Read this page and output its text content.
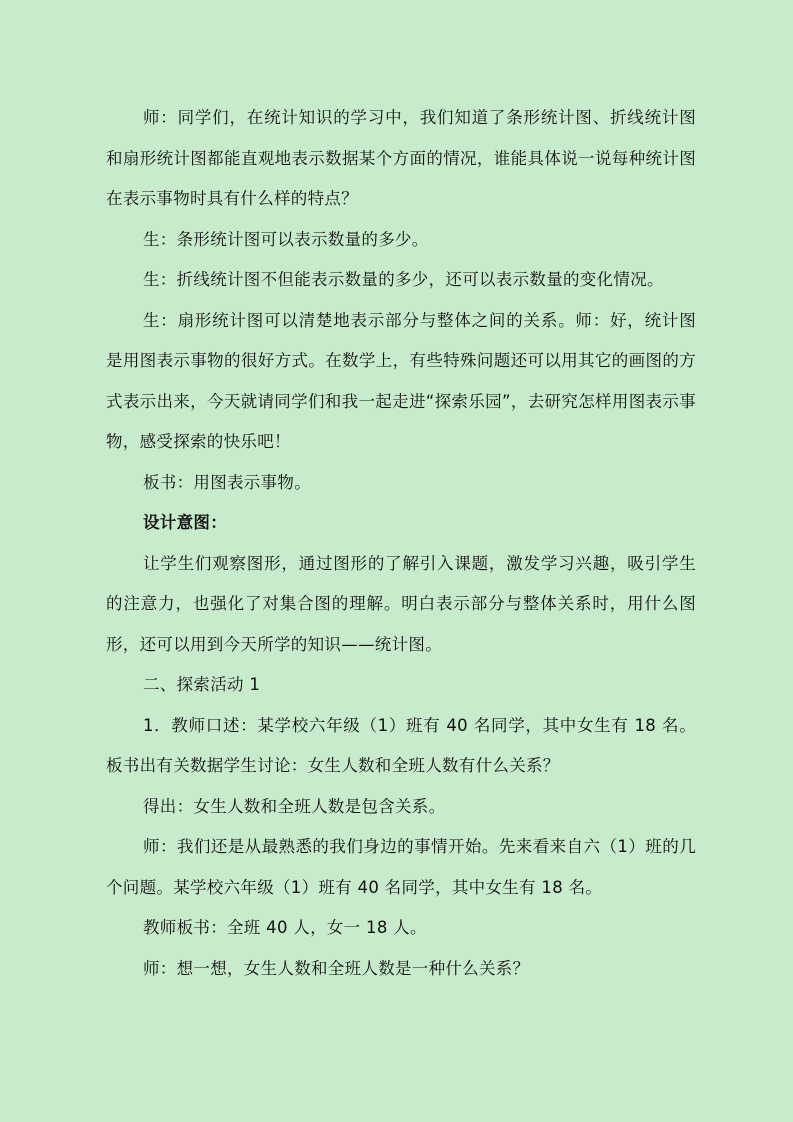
师：同学们，在统计知识的学习中，我们知道了条形统计图、折线统计图和扇形统计图都能直观地表示数据某个方面的情况，谁能具体说一说每种统计图在表示事物时具有什么样的特点？

生：条形统计图可以表示数量的多少。

生：折线统计图不但能表示数量的多少，还可以表示数量的变化情况。

生：扇形统计图可以清楚地表示部分与整体之间的关系。师：好，统计图是用图表示事物的很好方式。在数学上，有些特殊问题还可以用其它的画图的方式表示出来，今天就请同学们和我一起走进“探索乐园”，去研究怎样用图表示事物，感受探索的快乐吧！

板书：用图表示事物。

设计意图：

让学生们观察图形，通过图形的了解引入课题，激发学习兴趣，吸引学生的注意力，也强化了对集合图的理解。明白表示部分与整体关系时，用什么图形，还可以用到今天所学的知识——统计图。

二、探索活动 1

1．教师口述：某学校六年级（1）班有 40 名同学，其中女生有 18 名。板书出有关数据学生讨论：女生人数和全班人数有什么关系？

得出：女生人数和全班人数是包含关系。

师：我们还是从最熟悉的我们身边的事情开始。先来看来自六（1）班的几个问题。某学校六年级（1）班有 40 名同学，其中女生有 18 名。

教师板书：全班 40 人，女一 18 人。

师：想一想，女生人数和全班人数是一种什么关系？
